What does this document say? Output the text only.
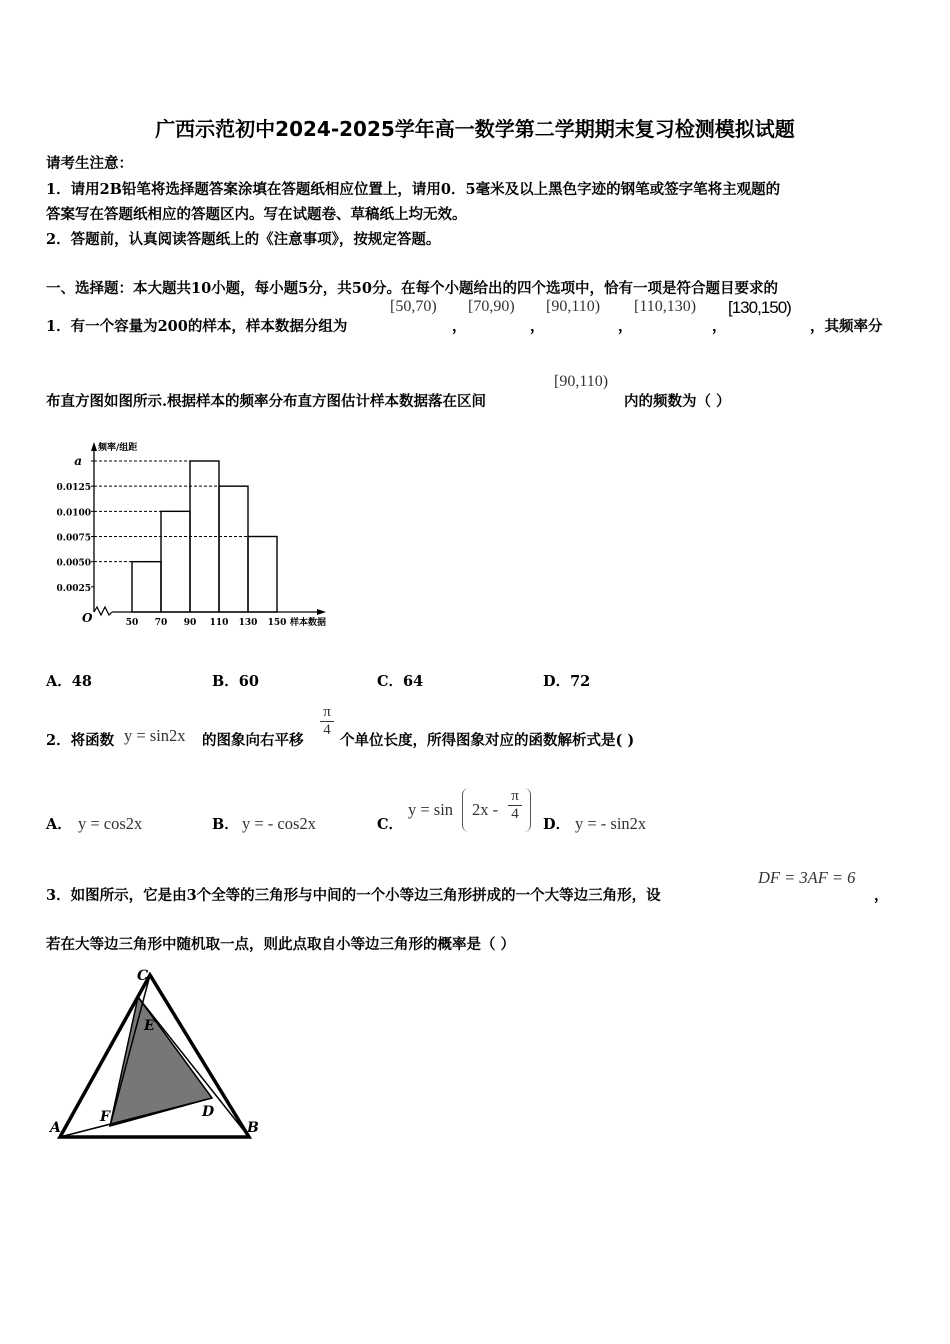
广西示范初中2024-2025学年高一数学第二学期期末复习检测模拟试题
请考生注意：
1．请用2B铅笔将选择题答案涂填在答题纸相应位置上，请用0．5毫米及以上黑色字迹的钢笔或签字笔将主观题的
答案写在答题纸相应的答题区内。写在试题卷、草稿纸上均无效。
2．答题前，认真阅读答题纸上的《注意事项》，按规定答题。
一、选择题：本大题共10小题，每小题5分，共50分。在每个小题给出的四个选项中，恰有一项是符合题目要求的
1．有一个容量为200的样本，样本数据分组为
[50,70)
，
[70,90)
，
[90,110)
，
[110,130)
，
[130,150)
，其频率分
布直方图如图所示.根据样本的频率分布直方图估计样本数据落在区间
[90,110)
内的频数为（ ）
a
0.0125
0.0100
0.0075
0.0050
0.0025
50 70 90 110 130 150
O
频率/组距
样本数据
A．48	B．60	C．64	D．72
2．将函数 y = sin2x 的图象向右平移
π
4
个单位长度，所得图象对应的函数解析式是( )
A． y = cos2x	B． y = - cos2x	C．
y = sin 2x -
π
4
D． y = - sin2x
3．如图所示，它是由3个全等的三角形与中间的一个小等边三角形拼成的一个大等边三角形，设
DF = 3AF = 6
，
若在大等边三角形中随机取一点，则此点取自小等边三角形的概率是（ ）
C
E
F	D
A	B
